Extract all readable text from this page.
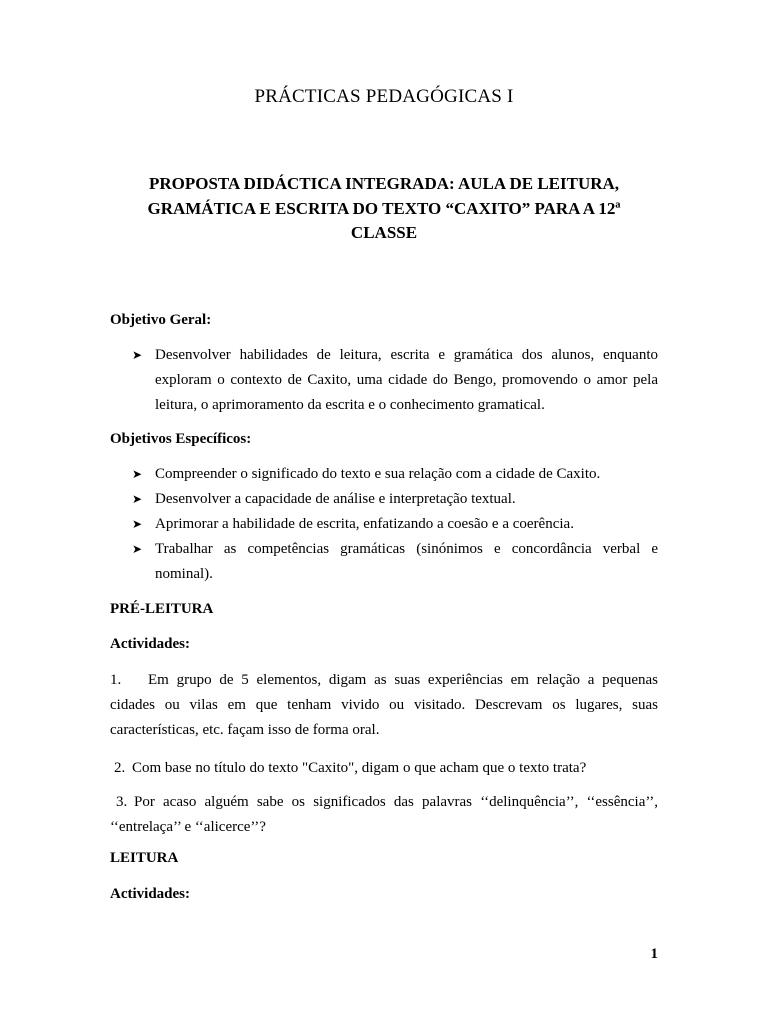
PRÁCTICAS PEDAGÓGICAS I
PROPOSTA DIDÁCTICA INTEGRADA: AULA DE LEITURA,
GRAMÁTICA E ESCRITA DO TEXTO “CAXITO” PARA A 12ª
CLASSE
Objetivo Geral:
➤ Desenvolver habilidades de leitura, escrita e gramática dos alunos, enquanto exploram o contexto de Caxito, uma cidade do Bengo, promovendo o amor pela leitura, o aprimoramento da escrita e o conhecimento gramatical.
Objetivos Específicos:
➤ Compreender o significado do texto e sua relação com a cidade de Caxito.
➤ Desenvolver a capacidade de análise e interpretação textual.
➤ Aprimorar a habilidade de escrita, enfatizando a coesão e a coerência.
➤ Trabalhar as competências gramáticas (sinónimos e concordância verbal e nominal).
PRÉ-LEITURA
Actividades:
1. Em grupo de 5 elementos, digam as suas experiências em relação a pequenas cidades ou vilas em que tenham vivido ou visitado. Descrevam os lugares, suas características, etc. façam isso de forma oral.
2. Com base no título do texto "Caxito", digam o que acham que o texto trata?
3. Por acaso alguém sabe os significados das palavras ‘‘delinquência’’, ‘‘essência’’, ‘‘entrelaça’’ e ‘‘alicerce’’?
LEITURA
Actividades:
1
